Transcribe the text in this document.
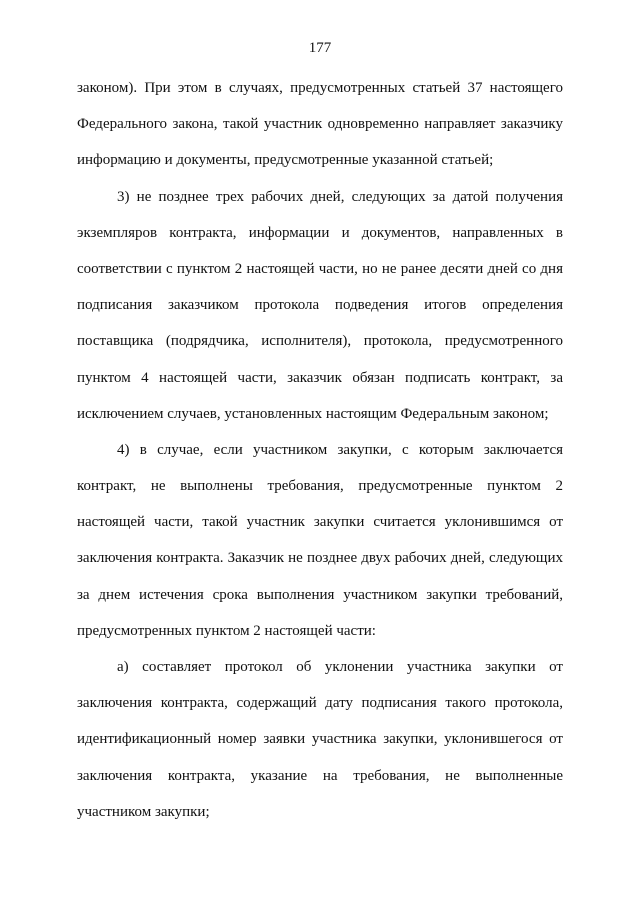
177

законом). При этом в случаях, предусмотренных статьей 37 настоящего
Федерального закона, такой участник одновременно направляет заказчику
информацию и документы, предусмотренные указанной статьей;

3) не позднее трех рабочих дней, следующих за датой получения
экземпляров контракта, информации и документов, направленных в
соответствии с пунктом 2 настоящей части, но не ранее десяти дней со дня
подписания заказчиком протокола подведения итогов определения
поставщика (подрядчика, исполнителя), протокола, предусмотренного
пунктом 4 настоящей части, заказчик обязан подписать контракт, за
исключением случаев, установленных настоящим Федеральным законом;

4) в случае, если участником закупки, с которым заключается
контракт, не выполнены требования, предусмотренные пунктом 2
настоящей части, такой участник закупки считается уклонившимся от
заключения контракта. Заказчик не позднее двух рабочих дней, следующих
за днем истечения срока выполнения участником закупки требований,
предусмотренных пунктом 2 настоящей части:

а) составляет протокол об уклонении участника закупки от
заключения контракта, содержащий дату подписания такого протокола,
идентификационный номер заявки участника закупки, уклонившегося от
заключения контракта, указание на требования, не выполненные
участником закупки;
